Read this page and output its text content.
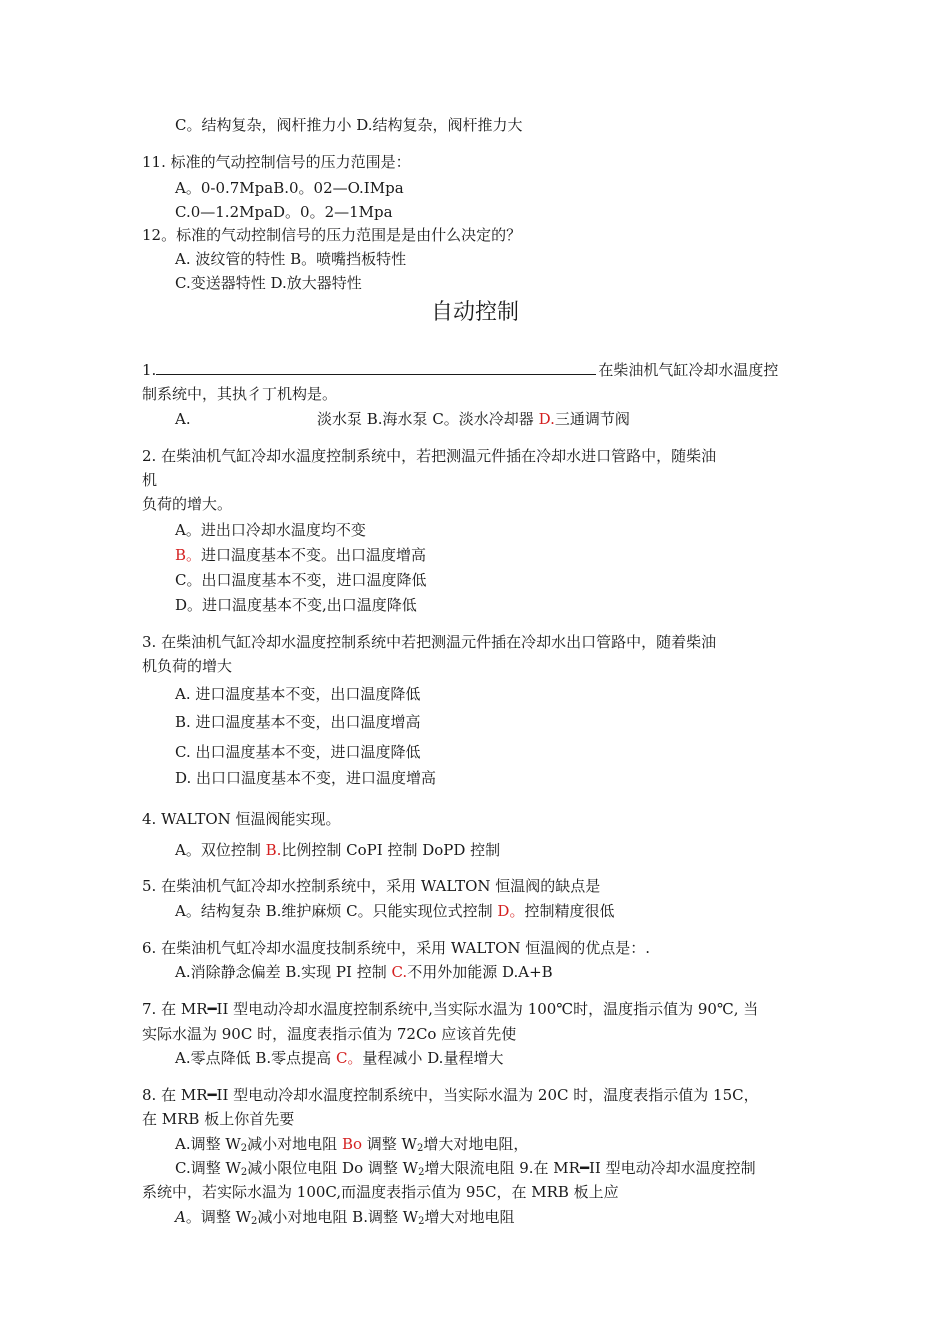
C。结构复杂，阀杆推力小 D.结构复杂，阀杆推力大
11. 标准的气动控制信号的压力范围是：
A。0-0.7MpaB.0。02—O.IMpa
C.0—1.2MpaD。0。2—1Mpa
12。标准的气动控制信号的压力范围是是由什么决定的？
A. 波纹管的特性 B。喷嘴挡板特性
C.变送器特性 D.放大器特性
自动控制
1.	在柴油机气缸冷却水温度控
制系统中，其执彳丁机构是。
A.	淡水泵 B.海水泵 C。淡水冷却器 D.三通调节阀
2. 在柴油机气缸冷却水温度控制系统中，若把测温元件插在冷却水进口管路中，随柴油
机
负荷的增大。
A。进出口冷却水温度均不变
B。进口温度基本不变。出口温度增高
C。出口温度基本不变，进口温度降低
D。进口温度基本不变,出口温度降低
3. 在柴油机气缸冷却水温度控制系统中若把测温元件插在冷却水出口管路中，随着柴油
机负荷的增大
A. 进口温度基本不变，出口温度降低
B. 进口温度基本不变，出口温度增高
C. 出口温度基本不变，进口温度降低
D. 出口口温度基本不变，进口温度增高
4. WALTON 恒温阀能实现。
A。双位控制 B.比例控制 CoPI 控制 DoPD 控制
5. 在柴油机气缸冷却水控制系统中，采用 WALTON 恒温阀的缺点是
A。结构复杂 B.维护麻烦 C。只能实现位式控制 D。控制精度很低
6. 在柴油机气虹冷却水温度技制系统中，采用 WALTON 恒温阀的优点是：.
A.消除静念偏差 B.实现 PI 控制 C.不用外加能源 D.A+B
7. 在 MR━II 型电动冷却水温度控制系统中,当实际水温为 100℃时，温度指示值为 90℃, 当
实际水温为 90C 时，温度表指示值为 72Co 应该首先使
A.零点降低 B.零点提高 C。量程减小 D.量程增大
8. 在 MR━II 型电动冷却水温度控制系统中，当实际水温为 20C 时，温度表指示值为 15C，
在 MRB 板上你首先要
A.调整 $W_2$减小对地电阻 Bo 调整 $W_2$增大对地电阻，
C.调整 $W_2$减小限位电阻 Do 调整 $W_2$增大限流电阻 9.在 MR━II 型电动冷却水温度控制
系统中，若实际水温为 100C,而温度表指示值为 95C，在 MRB 板上应
A。调整 $W_2$减小对地电阻 B.调整 $W_2$增大对地电阻
